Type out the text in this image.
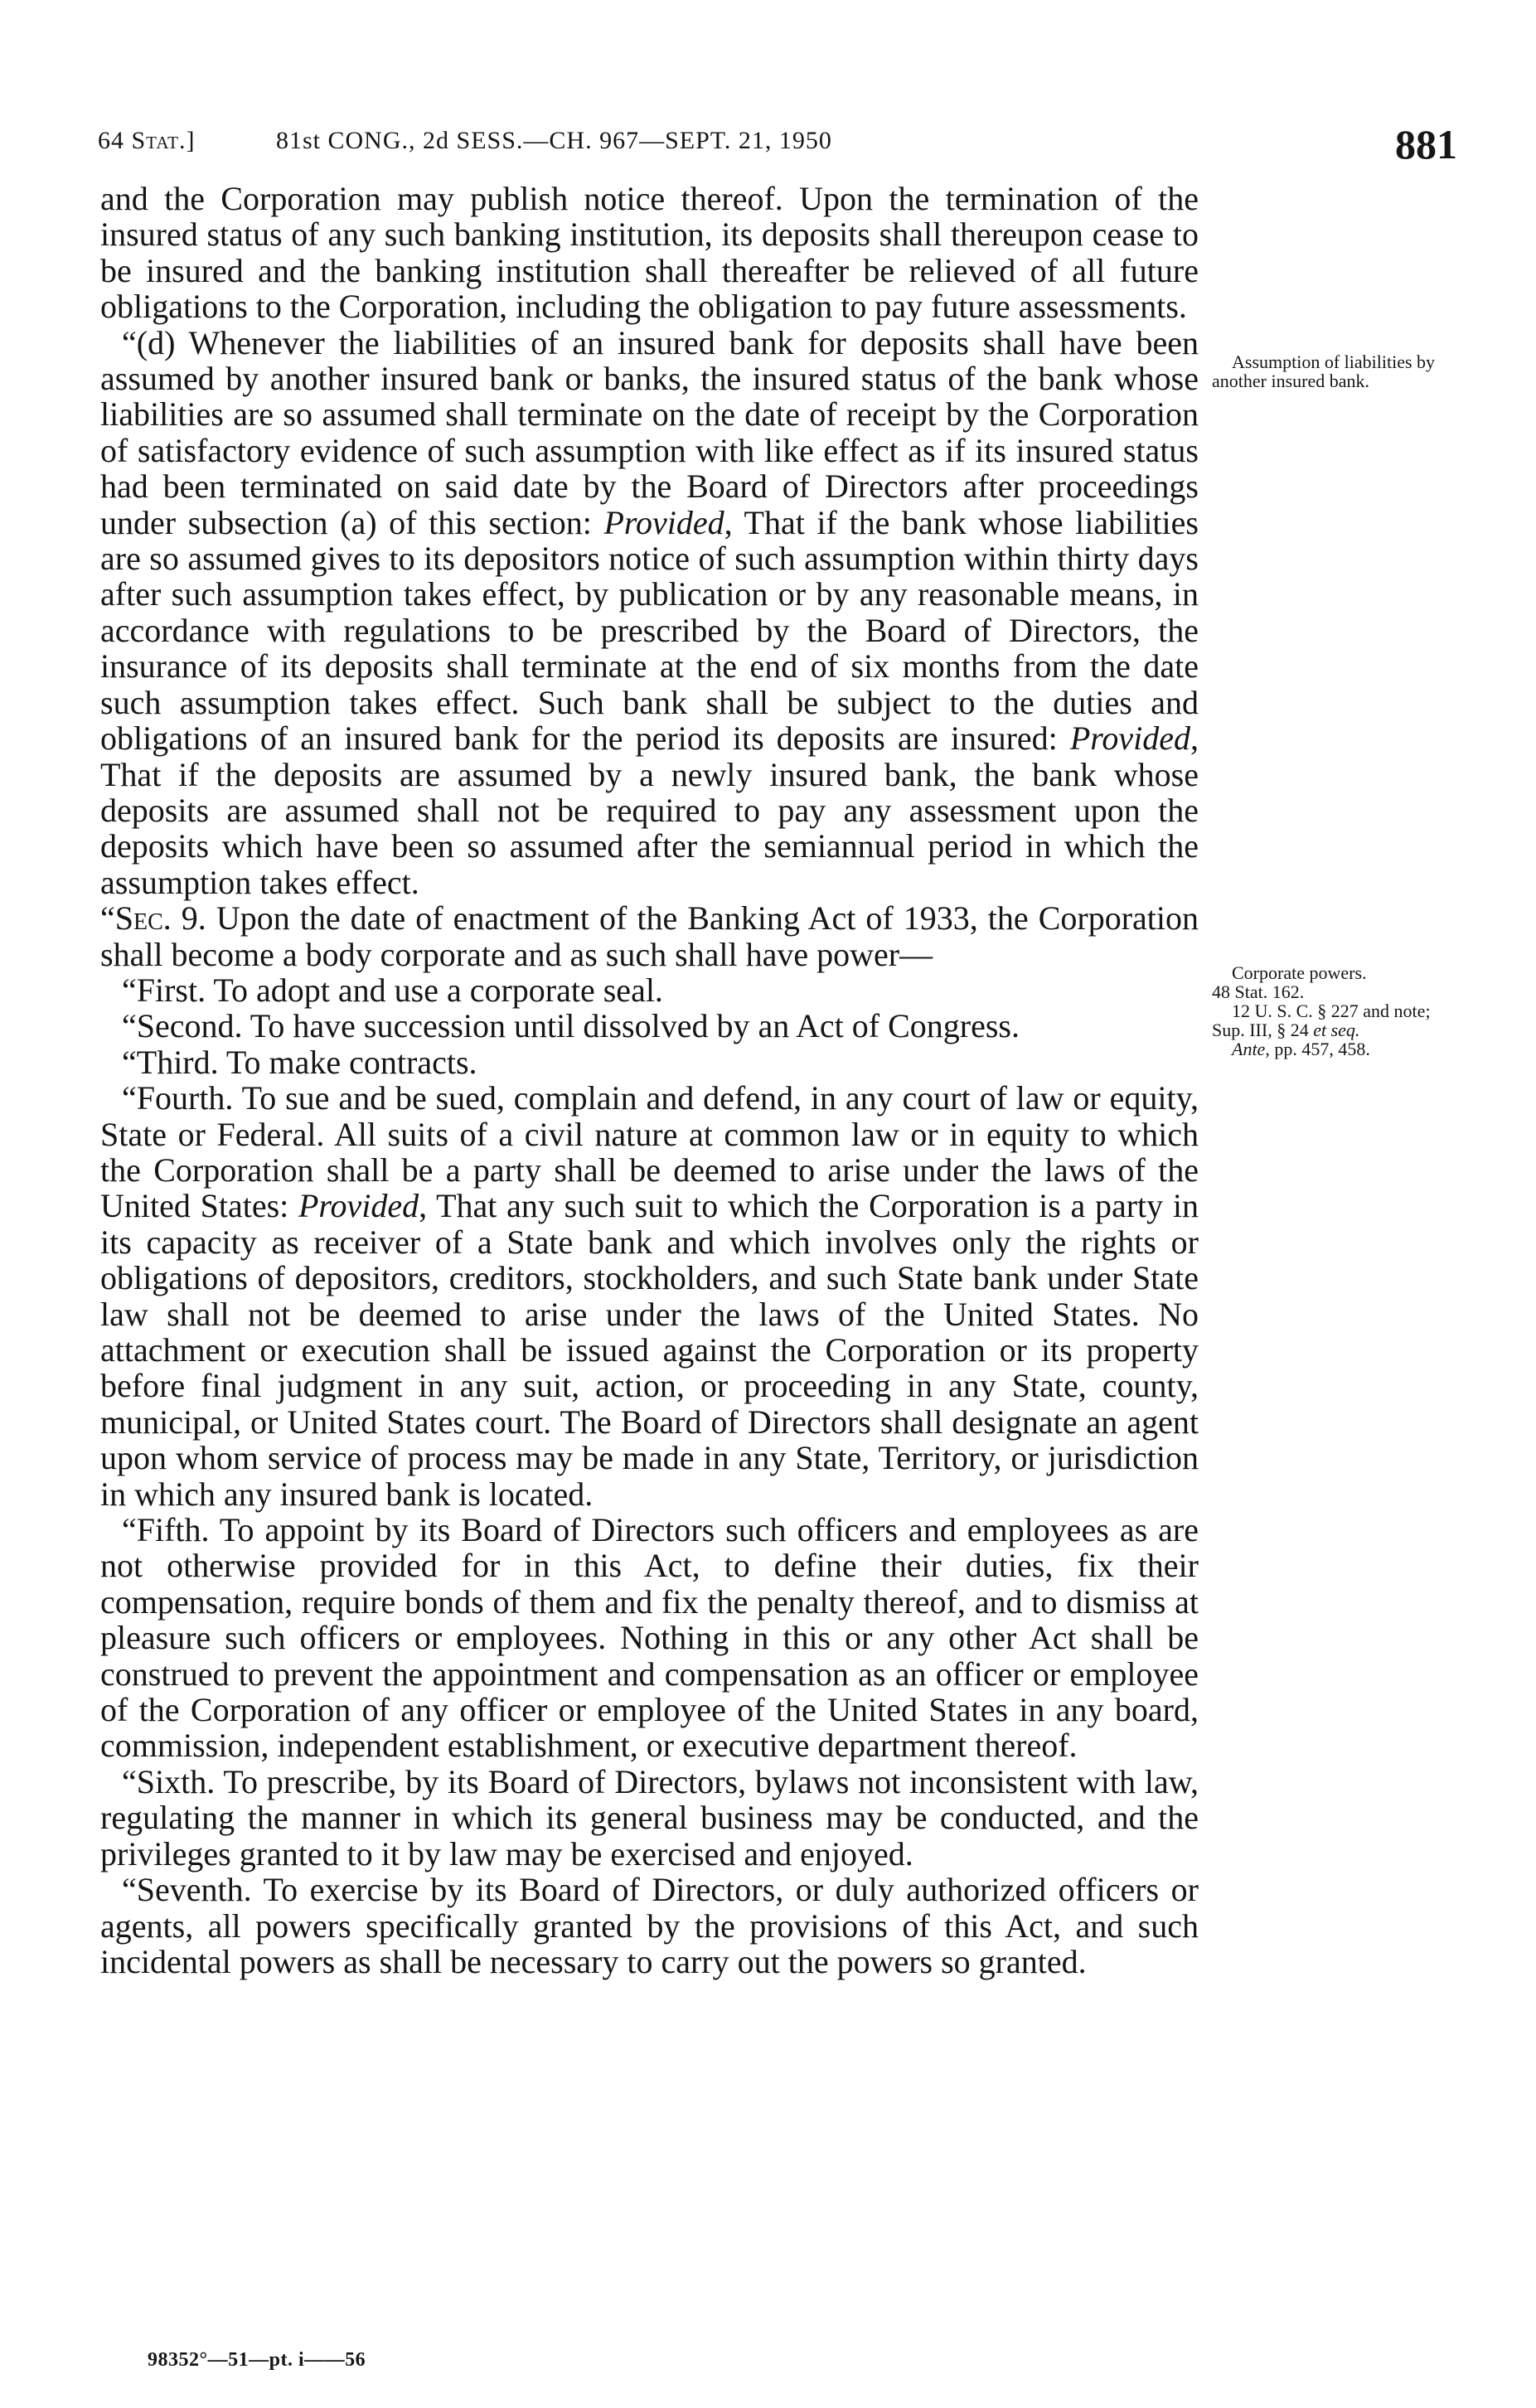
64 Stat.]	81st CONG., 2d SESS.—CH. 967—SEPT. 21, 1950	881

and the Corporation may publish notice thereof. Upon the termination of the insured status of any such banking institution, its deposits shall thereupon cease to be insured and the banking institution shall thereafter be relieved of all future obligations to the Corporation, including the obligation to pay future assessments.

“(d) Whenever the liabilities of an insured bank for deposits shall have been assumed by another insured bank or banks, the insured status of the bank whose liabilities are so assumed shall terminate on the date of receipt by the Corporation of satisfactory evidence of such assumption with like effect as if its insured status had been terminated on said date by the Board of Directors after proceedings under subsection (a) of this section: Provided, That if the bank whose liabilities are so assumed gives to its depositors notice of such assumption within thirty days after such assumption takes effect, by publication or by any reasonable means, in accordance with regulations to be prescribed by the Board of Directors, the insurance of its deposits shall terminate at the end of six months from the date such assumption takes effect. Such bank shall be subject to the duties and obligations of an insured bank for the period its deposits are insured: Provided, That if the deposits are assumed by a newly insured bank, the bank whose deposits are assumed shall not be required to pay any assessment upon the deposits which have been so assumed after the semiannual period in which the assumption takes effect.

“Sec. 9. Upon the date of enactment of the Banking Act of 1933, the Corporation shall become a body corporate and as such shall have power—

“First. To adopt and use a corporate seal.

“Second. To have succession until dissolved by an Act of Congress.

“Third. To make contracts.

“Fourth. To sue and be sued, complain and defend, in any court of law or equity, State or Federal. All suits of a civil nature at common law or in equity to which the Corporation shall be a party shall be deemed to arise under the laws of the United States: Provided, That any such suit to which the Corporation is a party in its capacity as receiver of a State bank and which involves only the rights or obligations of depositors, creditors, stockholders, and such State bank under State law shall not be deemed to arise under the laws of the United States. No attachment or execution shall be issued against the Corporation or its property before final judgment in any suit, action, or proceeding in any State, county, municipal, or United States court. The Board of Directors shall designate an agent upon whom service of process may be made in any State, Territory, or jurisdiction in which any insured bank is located.

“Fifth. To appoint by its Board of Directors such officers and employees as are not otherwise provided for in this Act, to define their duties, fix their compensation, require bonds of them and fix the penalty thereof, and to dismiss at pleasure such officers or employees. Nothing in this or any other Act shall be construed to prevent the appointment and compensation as an officer or employee of the Corporation of any officer or employee of the United States in any board, commission, independent establishment, or executive department thereof.

“Sixth. To prescribe, by its Board of Directors, bylaws not inconsistent with law, regulating the manner in which its general business may be conducted, and the privileges granted to it by law may be exercised and enjoyed.

“Seventh. To exercise by its Board of Directors, or duly authorized officers or agents, all powers specifically granted by the provisions of this Act, and such incidental powers as shall be necessary to carry out the powers so granted.

Assumption of liabilities by another insured bank.

Corporate powers.

48 Stat. 162.

12 U. S. C. § 227 and note; Sup. III, § 24 et seq.

Ante, pp. 457, 458.

98352°—51—pt. i——56
